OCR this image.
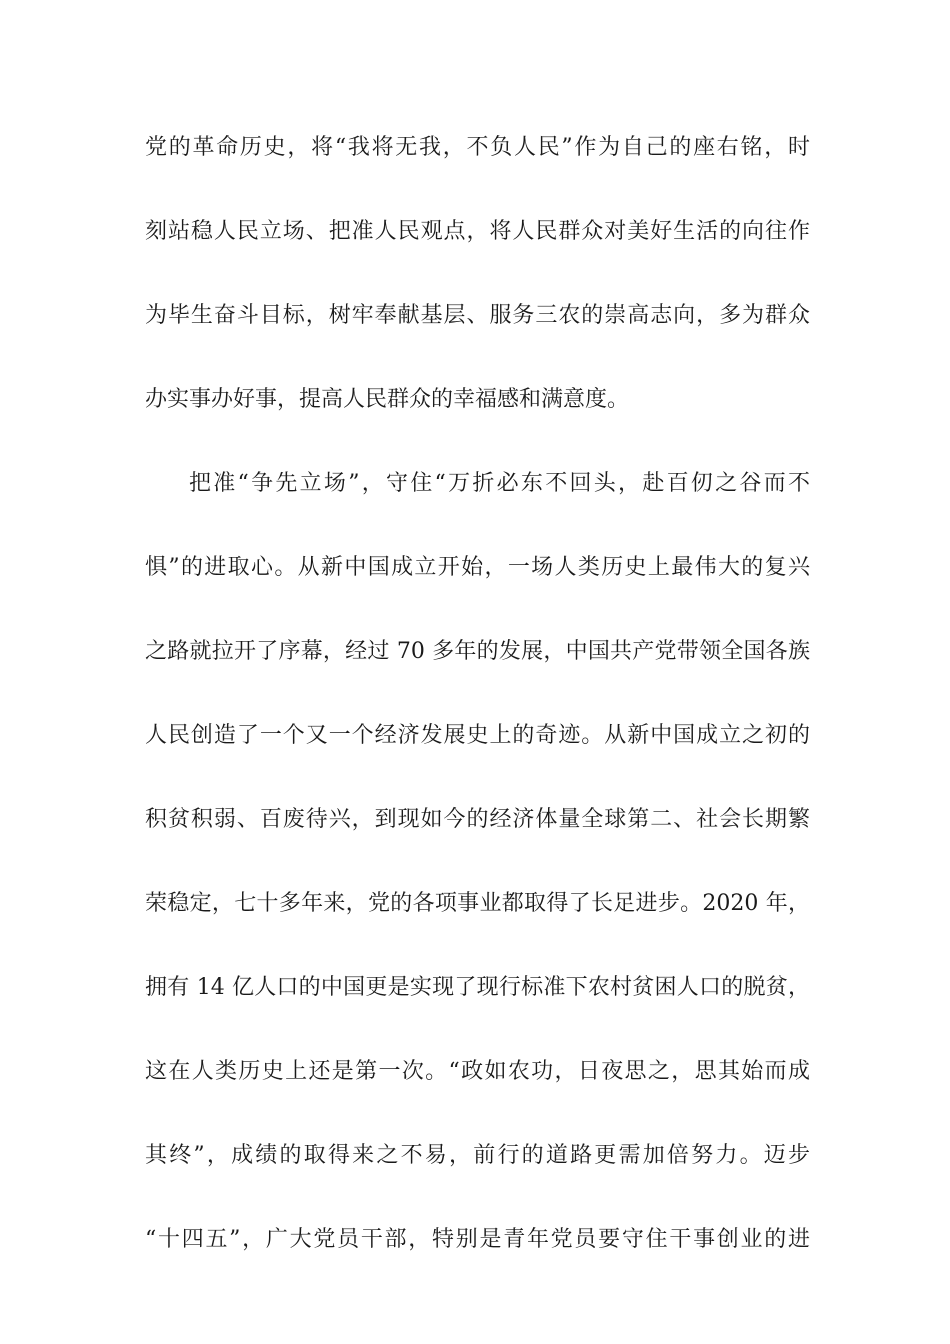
党的革命历史，将“我将无我，不负人民”作为自己的座右铭，时
刻站稳人民立场、把准人民观点，将人民群众对美好生活的向往作
为毕生奋斗目标，树牢奉献基层、服务三农的崇高志向，多为群众
办实事办好事，提高人民群众的幸福感和满意度。
把准“争先立场”，守住“万折必东不回头，赴百仞之谷而不
惧”的进取心。从新中国成立开始，一场人类历史上最伟大的复兴
之路就拉开了序幕，经过 70 多年的发展，中国共产党带领全国各族
人民创造了一个又一个经济发展史上的奇迹。从新中国成立之初的
积贫积弱、百废待兴，到现如今的经济体量全球第二、社会长期繁
荣稳定，七十多年来，党的各项事业都取得了长足进步。2020 年，
拥有 14 亿人口的中国更是实现了现行标准下农村贫困人口的脱贫，
这在人类历史上还是第一次。“政如农功，日夜思之，思其始而成
其终”，成绩的取得来之不易，前行的道路更需加倍努力。迈步
“十四五”，广大党员干部，特别是青年党员要守住干事创业的进
